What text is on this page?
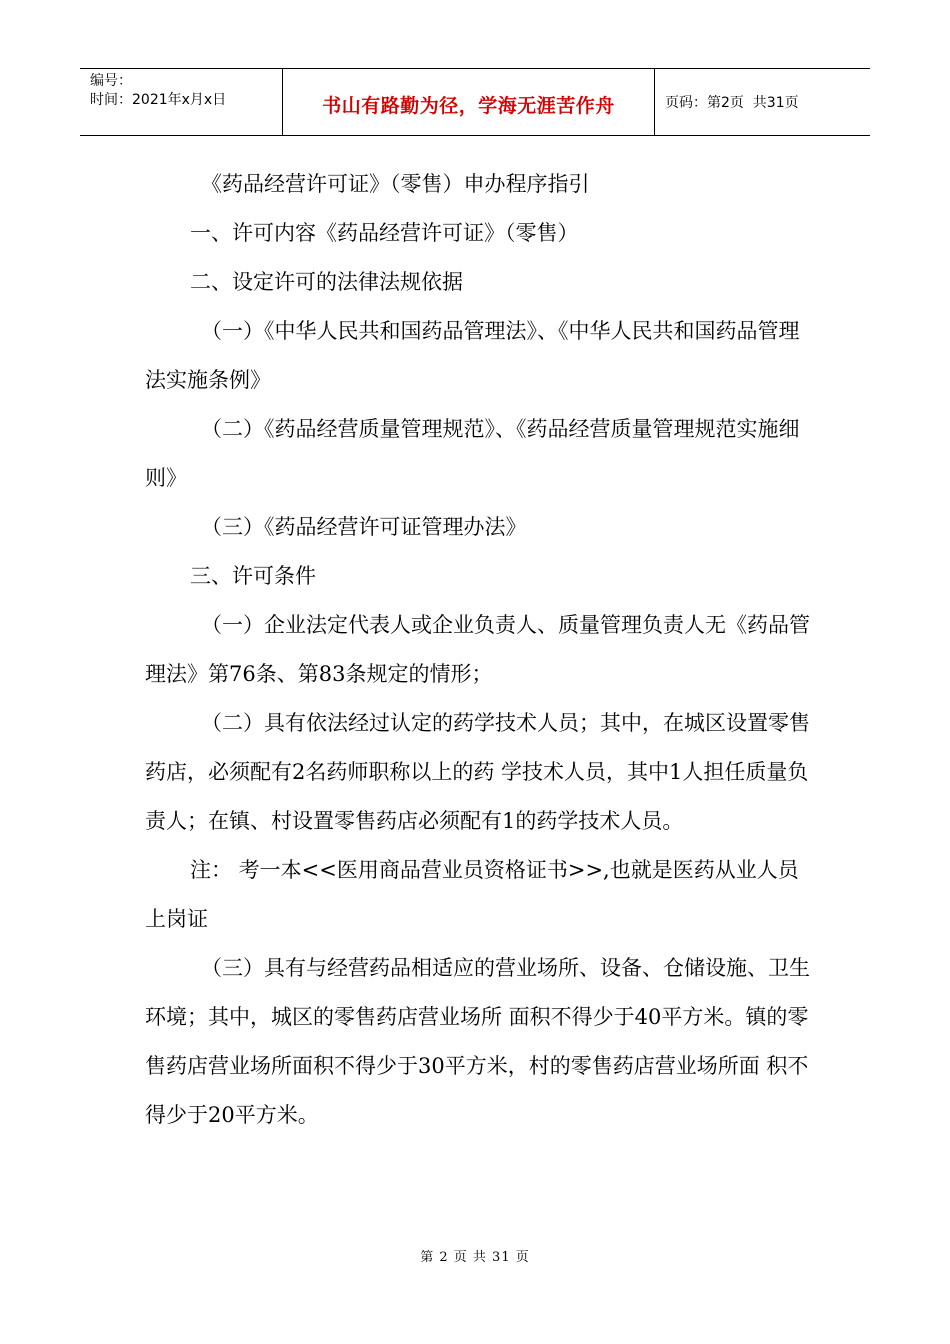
编号：
时间：2021年x月x日	书山有路勤为径，学海无涯苦作舟	页码：第2页  共31页

《药品经营许可证》（零售）申办程序指引

一、许可内容《药品经营许可证》（零售）

二、设定许可的法律法规依据

（一）《中华人民共和国药品管理法》、《中华人民共和国药品管理法实施条例》

（二）《药品经营质量管理规范》、《药品经营质量管理规范实施细则》

（三）《药品经营许可证管理办法》

三、许可条件

（一）企业法定代表人或企业负责人、质量管理负责人无《药品管理法》第76条、第83条规定的情形；

（二）具有依法经过认定的药学技术人员；其中，在城区设置零售药店，必须配有2名药师职称以上的药 学技术人员，其中1人担任质量负责人；在镇、村设置零售药店必须配有1的药学技术人员。

注： 考一本<<医用商品营业员资格证书>>,也就是医药从业人员上岗证

（三）具有与经营药品相适应的营业场所、设备、仓储设施、卫生环境；其中，城区的零售药店营业场所 面积不得少于40平方米。镇的零售药店营业场所面积不得少于30平方米，村的零售药店营业场所面 积不得少于20平方米。

第 2 页 共 31 页
